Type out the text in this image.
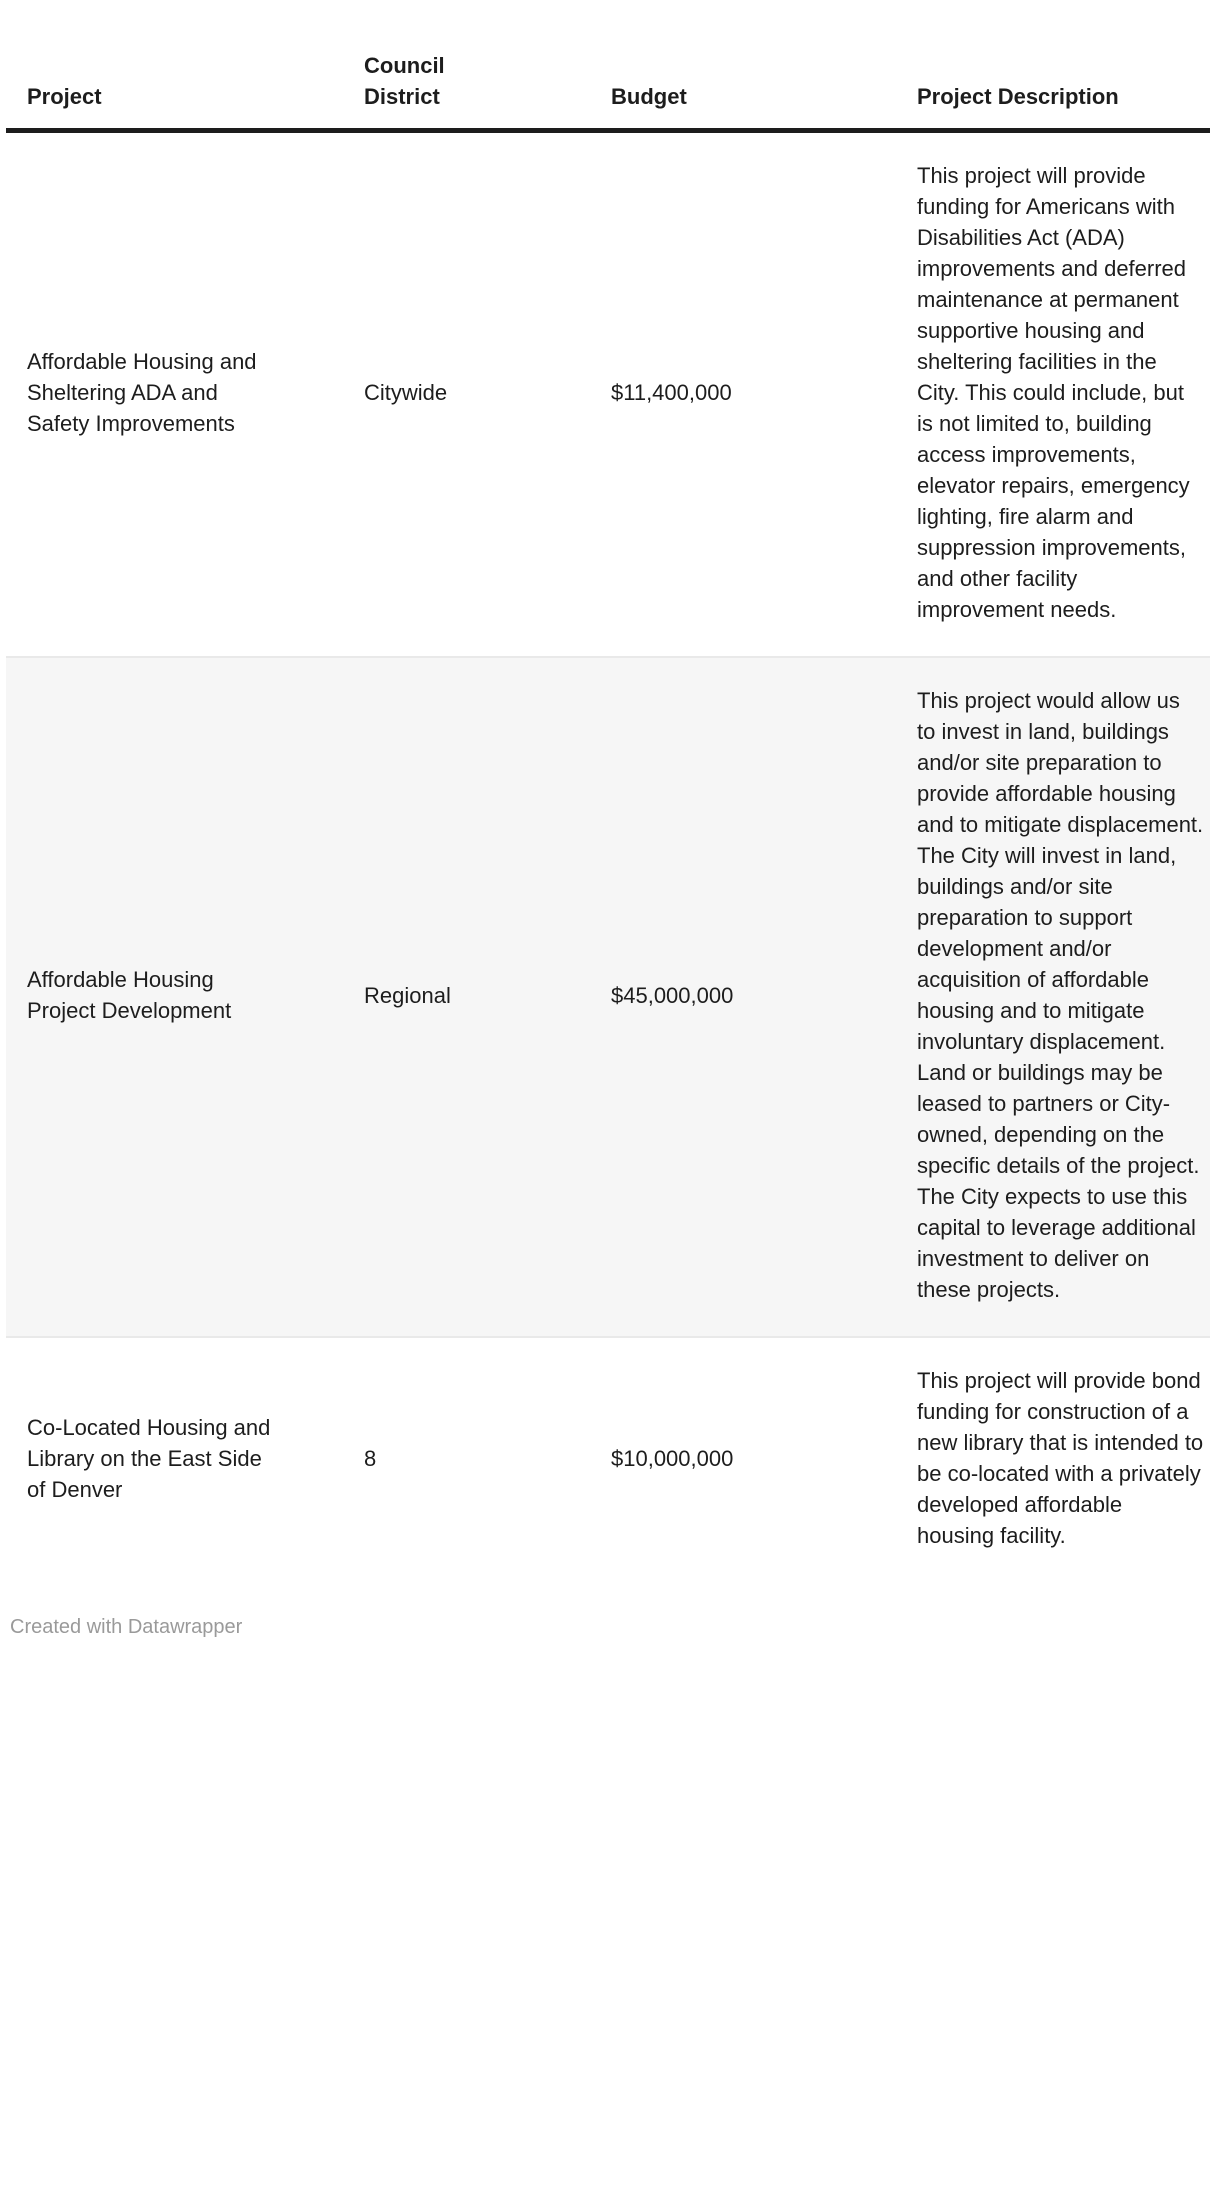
Project	Council District	Budget	Project Description
Affordable Housing and Sheltering ADA and Safety Improvements	Citywide	$11,400,000	This project will provide funding for Americans with Disabilities Act (ADA) improvements and deferred maintenance at permanent supportive housing and sheltering facilities in the City. This could include, but is not limited to, building access improvements, elevator repairs, emergency lighting, fire alarm and suppression improvements, and other facility improvement needs.
Affordable Housing Project Development	Regional	$45,000,000	This project would allow us to invest in land, buildings and/or site preparation to provide affordable housing and to mitigate displacement. The City will invest in land, buildings and/or site preparation to support development and/or acquisition of affordable housing and to mitigate involuntary displacement. Land or buildings may be leased to partners or City-owned, depending on the specific details of the project. The City expects to use this capital to leverage additional investment to deliver on these projects.
Co-Located Housing and Library on the East Side of Denver	8	$10,000,000	This project will provide bond funding for construction of a new library that is intended to be co-located with a privately developed affordable housing facility.
Created with Datawrapper
